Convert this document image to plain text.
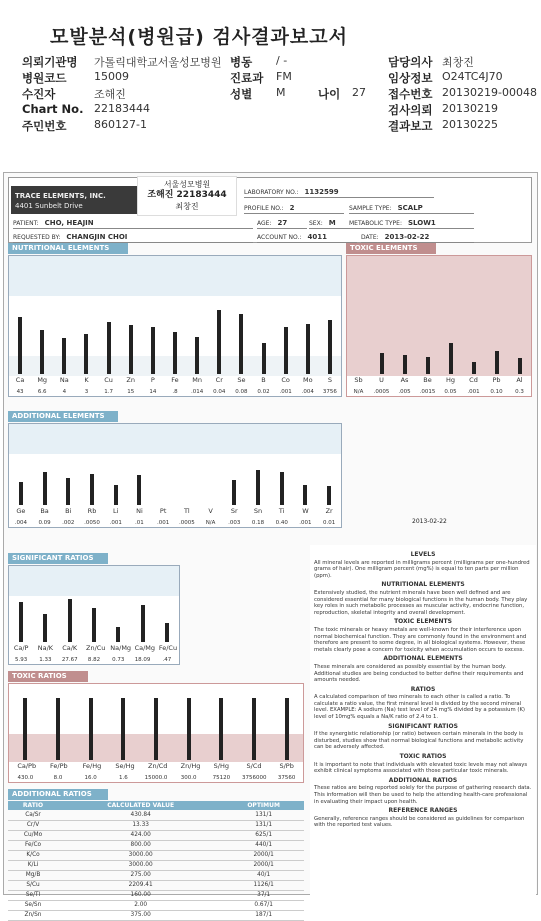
모발분석(병원급) 검사결과보고서
의뢰기관명 가톨릭대학교서울성모병원 병동 / -	담당의사 최창진
병원코드	15009	진료과 FM	임상정보 O24TC4J70
수진자	조해진	성별 M	나이 27 접수번호 20130219-00048
Chart No. 22183444	검사의뢰 20130219
주민번호	860127-1	결과보고 20130225
TRACE ELEMENTS, INC.
4401 Sunbelt Drive
서울성모병원
조해진 22183444
최창진
LABORATORY NO.: 1132599
PROFILE NO.: 2	SAMPLE TYPE: SCALP
PATIENT: CHO, HEAJIN	AGE: 27	SEX: M	METABOLIC TYPE: SLOW1
REQUESTED BY: CHANGJIN CHOI	ACCOUNT NO.: 4011	DATE: 2013-02-22
NUTRITIONAL ELEMENTS
Ca
43
Mg
6.6
Na
4
K
3
Cu
1.7
Zn
15
P
14
Fe
.8
Mn
.014
Cr
0.04
Se
0.08
B
0.02
Co
.001
Mo
.004
S
3756
TOXIC ELEMENTS
Sb
N/A
U
.0005
As
.005
Be
.0015
Hg
0.05
Cd
.001
Pb
0.10
Al
0.3
ADDITIONAL ELEMENTS
Ge
.004
Ba
0.09
Bi
.002
Rb
.0050
Li
.001
Ni
.01
Pt
.001
Tl
.0005
V
N/A
Sr
.003
Sn
0.18
Ti
0.40
W
.001
Zr
0.01	2013-02-22
SIGNIFICANT RATIOS
Ca/P
5.93
Na/K
1.33
Ca/K
27.67
Zn/Cu
8.82
Na/Mg
0.73
Ca/Mg
18.09
Fe/Cu
.47
TOXIC RATIOS
Ca/Pb
430.0
Fe/Pb
8.0
Fe/Hg
16.0
Se/Hg
1.6
Zn/Cd
15000.0
Zn/Hg
300.0
S/Hg
75120
S/Cd
3756000
S/Pb
37560
ADDITIONAL RATIOS
RATIO	CALCULATED VALUE	OPTIMUM
Ca/Sr	430.84	131/1
Cr/V	13.33	131/1
Cu/Mo	424.00	625/1
Fe/Co	800.00	440/1
K/Co	3000.00	2000/1
K/Li	3000.00	2000/1
Mg/B	275.00	40/1
S/Cu	2209.41	1126/1
Se/Tl	160.00	37/1
Se/Sn	2.00	0.67/1
Zn/Sn	375.00	187/1
LEVELS
All mineral levels are reported in milligrams percent (milligrams per one-hundred grams of hair). One milligram percent (mg%) is equal to ten parts per million (ppm).
NUTRITIONAL ELEMENTS
Extensively studied, the nutrient minerals have been well defined and are considered essential for many biological functions in the human body. They play key roles in such metabolic processes as muscular activity, endocrine function, reproduction, skeletal integrity and overall development.
TOXIC ELEMENTS
The toxic minerals or heavy metals are well-known for their interference upon normal biochemical function. They are commonly found in the environment and therefore are present to some degree, in all biological systems. However, these metals clearly pose a concern for toxicity when accumulation occurs to excess.
ADDITIONAL ELEMENTS
These minerals are considered as possibly essential by the human body. Additional studies are being conducted to better define their requirements and amounts needed.
RATIOS
A calculated comparison of two minerals to each other is called a ratio. To calculate a ratio value, the first mineral level is divided by the second mineral level. EXAMPLE: A sodium (Na) test level of 24 mg% divided by a potassium (K) level of 10mg% equals a Na/K ratio of 2.4 to 1.
SIGNIFICANT RATIOS
If the synergistic relationship (or ratio) between certain minerals in the body is disturbed, studies show that normal biological functions and metabolic activity can be adversely affected.
TOXIC RATIOS
It is important to note that individuals with elevated toxic levels may not always exhibit clinical symptoms associated with those particular toxic minerals.
ADDITIONAL RATIOS
These ratios are being reported solely for the purpose of gathering research data. This information will then be used to help the attending health-care professional in evaluating their impact upon health.
REFERENCE RANGES
Generally, reference ranges should be considered as guidelines for comparison with the reported test values.
